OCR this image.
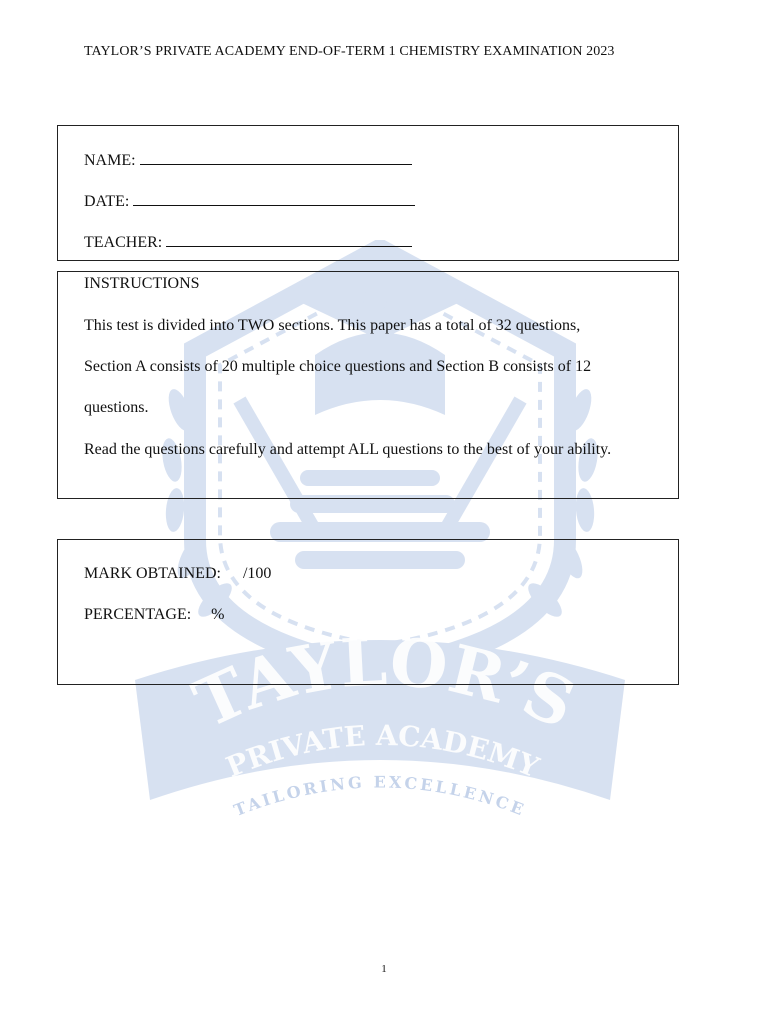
TAYLOR’S
PRIVATE ACADEMY
TAILORING EXCELLENCE
TAYLOR’S PRIVATE ACADEMY END-OF-TERM 1 CHEMISTRY EXAMINATION 2023
NAME:
DATE:
TEACHER:
INSTRUCTIONS
This test is divided into TWO sections. This paper has a total of 32 questions,
Section A consists of 20 multiple choice questions and Section B consists of 12
questions.
Read the questions carefully and attempt ALL questions to the best of your ability.
MARK OBTAINED: /100
PERCENTAGE: %
1
